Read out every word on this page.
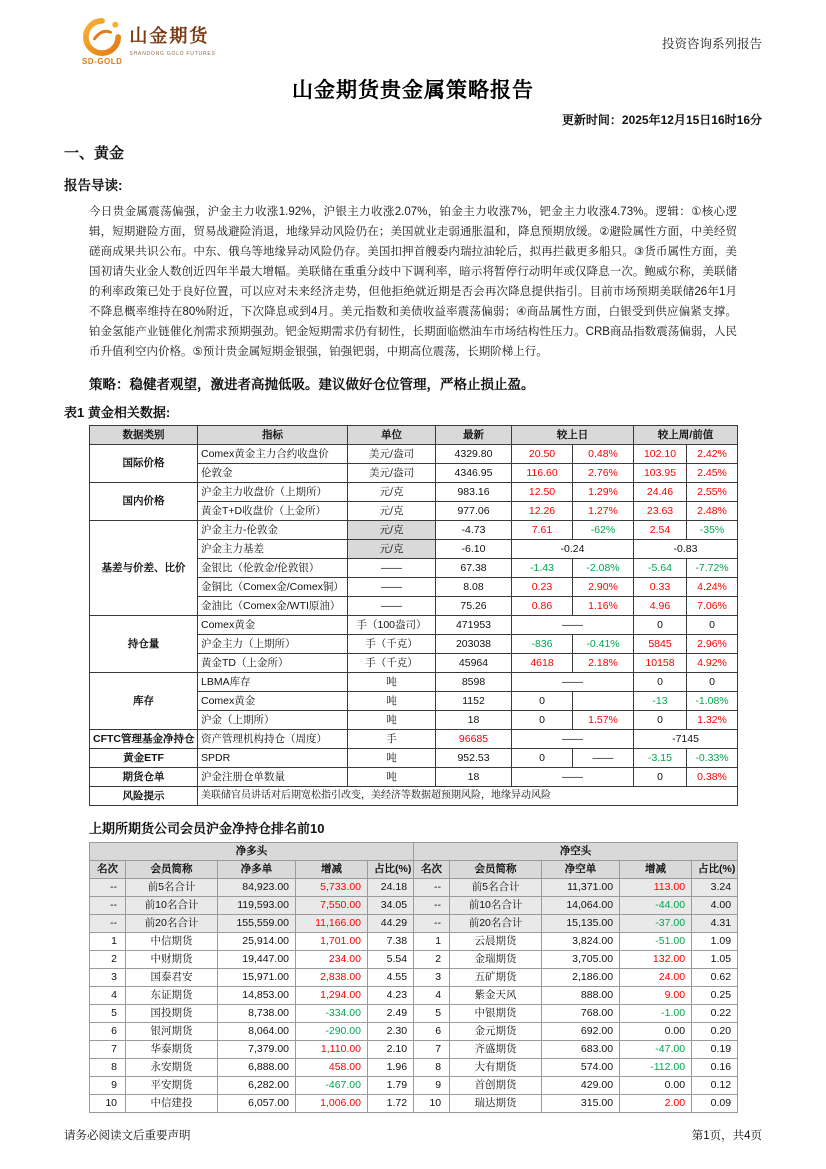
SD-GOLD
山金期货
SHANDONG GOLD FUTURES
投资咨询系列报告
山金期货贵金属策略报告
更新时间：2025年12月15日16时16分
一、黄金
报告导读:

今日贵金属震荡偏强，沪金主力收涨1.92%，沪银主力收涨2.07%，铂金主力收涨7%，钯金主力收涨4.73%。逻辑：①核心逻辑，短期避险方面，贸易战避险消退，地缘异动风险仍在；美国就业走弱通胀温和，降息预期放缓。②避险属性方面，中美经贸磋商成果共识公布。中东、俄乌等地缘异动风险仍存。美国扣押首艘委内瑞拉油轮后，拟再拦截更多船只。③货币属性方面，美国初请失业金人数创近四年半最大增幅。美联储在重重分歧中下调利率，暗示将暂停行动明年或仅降息一次。鲍威尔称，美联储的利率政策已处于良好位置，可以应对未来经济走势，但他拒绝就近期是否会再次降息提供指引。目前市场预期美联储26年1月不降息概率维持在80%附近，下次降息或到4月。美元指数和美债收益率震荡偏弱；④商品属性方面，白银受到供应偏紧支撑。铂金氢能产业链催化剂需求预期强劲。钯金短期需求仍有韧性，长期面临燃油车市场结构性压力。CRB商品指数震荡偏弱，人民币升值利空内价格。⑤预计贵金属短期金银强，铂强钯弱，中期高位震荡，长期阶梯上行。

策略：稳健者观望，激进者高抛低吸。建议做好仓位管理，严格止损止盈。
表1 黄金相关数据:
数据类别	指标	单位	最新	较上日		较上周/前值	
国际价格	Comex黄金主力合约收盘价	美元/盎司	4329.80	20.50	0.48%	102.10	2.42%
	伦敦金	美元/盎司	4346.95	116.60	2.76%	103.95	2.45%
国内价格	沪金主力收盘价（上期所）	元/克	983.16	12.50	1.29%	24.46	2.55%
	黄金T+D收盘价（上金所）	元/克	977.06	12.26	1.27%	23.63	2.48%
基差与价差、比价	沪金主力-伦敦金	元/克	-4.73	7.61	-62%	2.54	-35%
	沪金主力基差	元/克	-6.10	-0.24		-0.83	
	金银比（伦敦金/伦敦银）	——	67.38	-1.43	-2.08%	-5.64	-7.72%
	金铜比（Comex金/Comex铜）	——	8.08	0.23	2.90%	0.33	4.24%
	金油比（Comex金/WTI原油）	——	75.26	0.86	1.16%	4.96	7.06%
持仓量	Comex黄金	手（100盎司）	471953	——		0	0
	沪金主力（上期所）	手（千克）	203038	-836	-0.41%	5845	2.96%
	黄金TD（上金所）	手（千克）	45964	4618	2.18%	10158	4.92%
库存	LBMA库存	吨	8598	——		0	0
	Comex黄金	吨	1152	0		-13	-1.08%
	沪金（上期所）	吨	18	0	1.57%	0	1.32%
CFTC管理基金净持仓	资产管理机构持仓（周度）	手	96685	——		-7145	
黄金ETF	SPDR	吨	952.53	0	——	-3.15	-0.33%
期货仓单	沪金注册仓单数量	吨	18	——		0	0.38%
风险提示	美联储官员讲话对后期宽松指引改变，美经济等数据超预期风险，地缘异动风险						
上期所期货公司会员沪金净持仓排名前10
净多头					净空头				
名次	会员简称	净多单	增减	占比(%)	名次	会员简称	净空单	增减	占比(%)
--	前5名合计	84,923.00	5,733.00	24.18	--	前5名合计	11,371.00	113.00	3.24
--	前10名合计	119,593.00	7,550.00	34.05	--	前10名合计	14,064.00	-44.00	4.00
--	前20名合计	155,559.00	11,166.00	44.29	--	前20名合计	15,135.00	-37.00	4.31
1	中信期货	25,914.00	1,701.00	7.38	1	云晨期货	3,824.00	-51.00	1.09
2	中财期货	19,447.00	234.00	5.54	2	金瑞期货	3,705.00	132.00	1.05
3	国泰君安	15,971.00	2,838.00	4.55	3	五矿期货	2,186.00	24.00	0.62
4	东证期货	14,853.00	1,294.00	4.23	4	紫金天风	888.00	9.00	0.25
5	国投期货	8,738.00	-334.00	2.49	5	中银期货	768.00	-1.00	0.22
6	银河期货	8,064.00	-290.00	2.30	6	金元期货	692.00	0.00	0.20
7	华泰期货	7,379.00	1,110.00	2.10	7	齐盛期货	683.00	-47.00	0.19
8	永安期货	6,888.00	458.00	1.96	8	大有期货	574.00	-112.00	0.16
9	平安期货	6,282.00	-467.00	1.79	9	首创期货	429.00	0.00	0.12
10	中信建投	6,057.00	1,006.00	1.72	10	瑞达期货	315.00	2.00	0.09
请务必阅读文后重要声明	第1页，共4页
